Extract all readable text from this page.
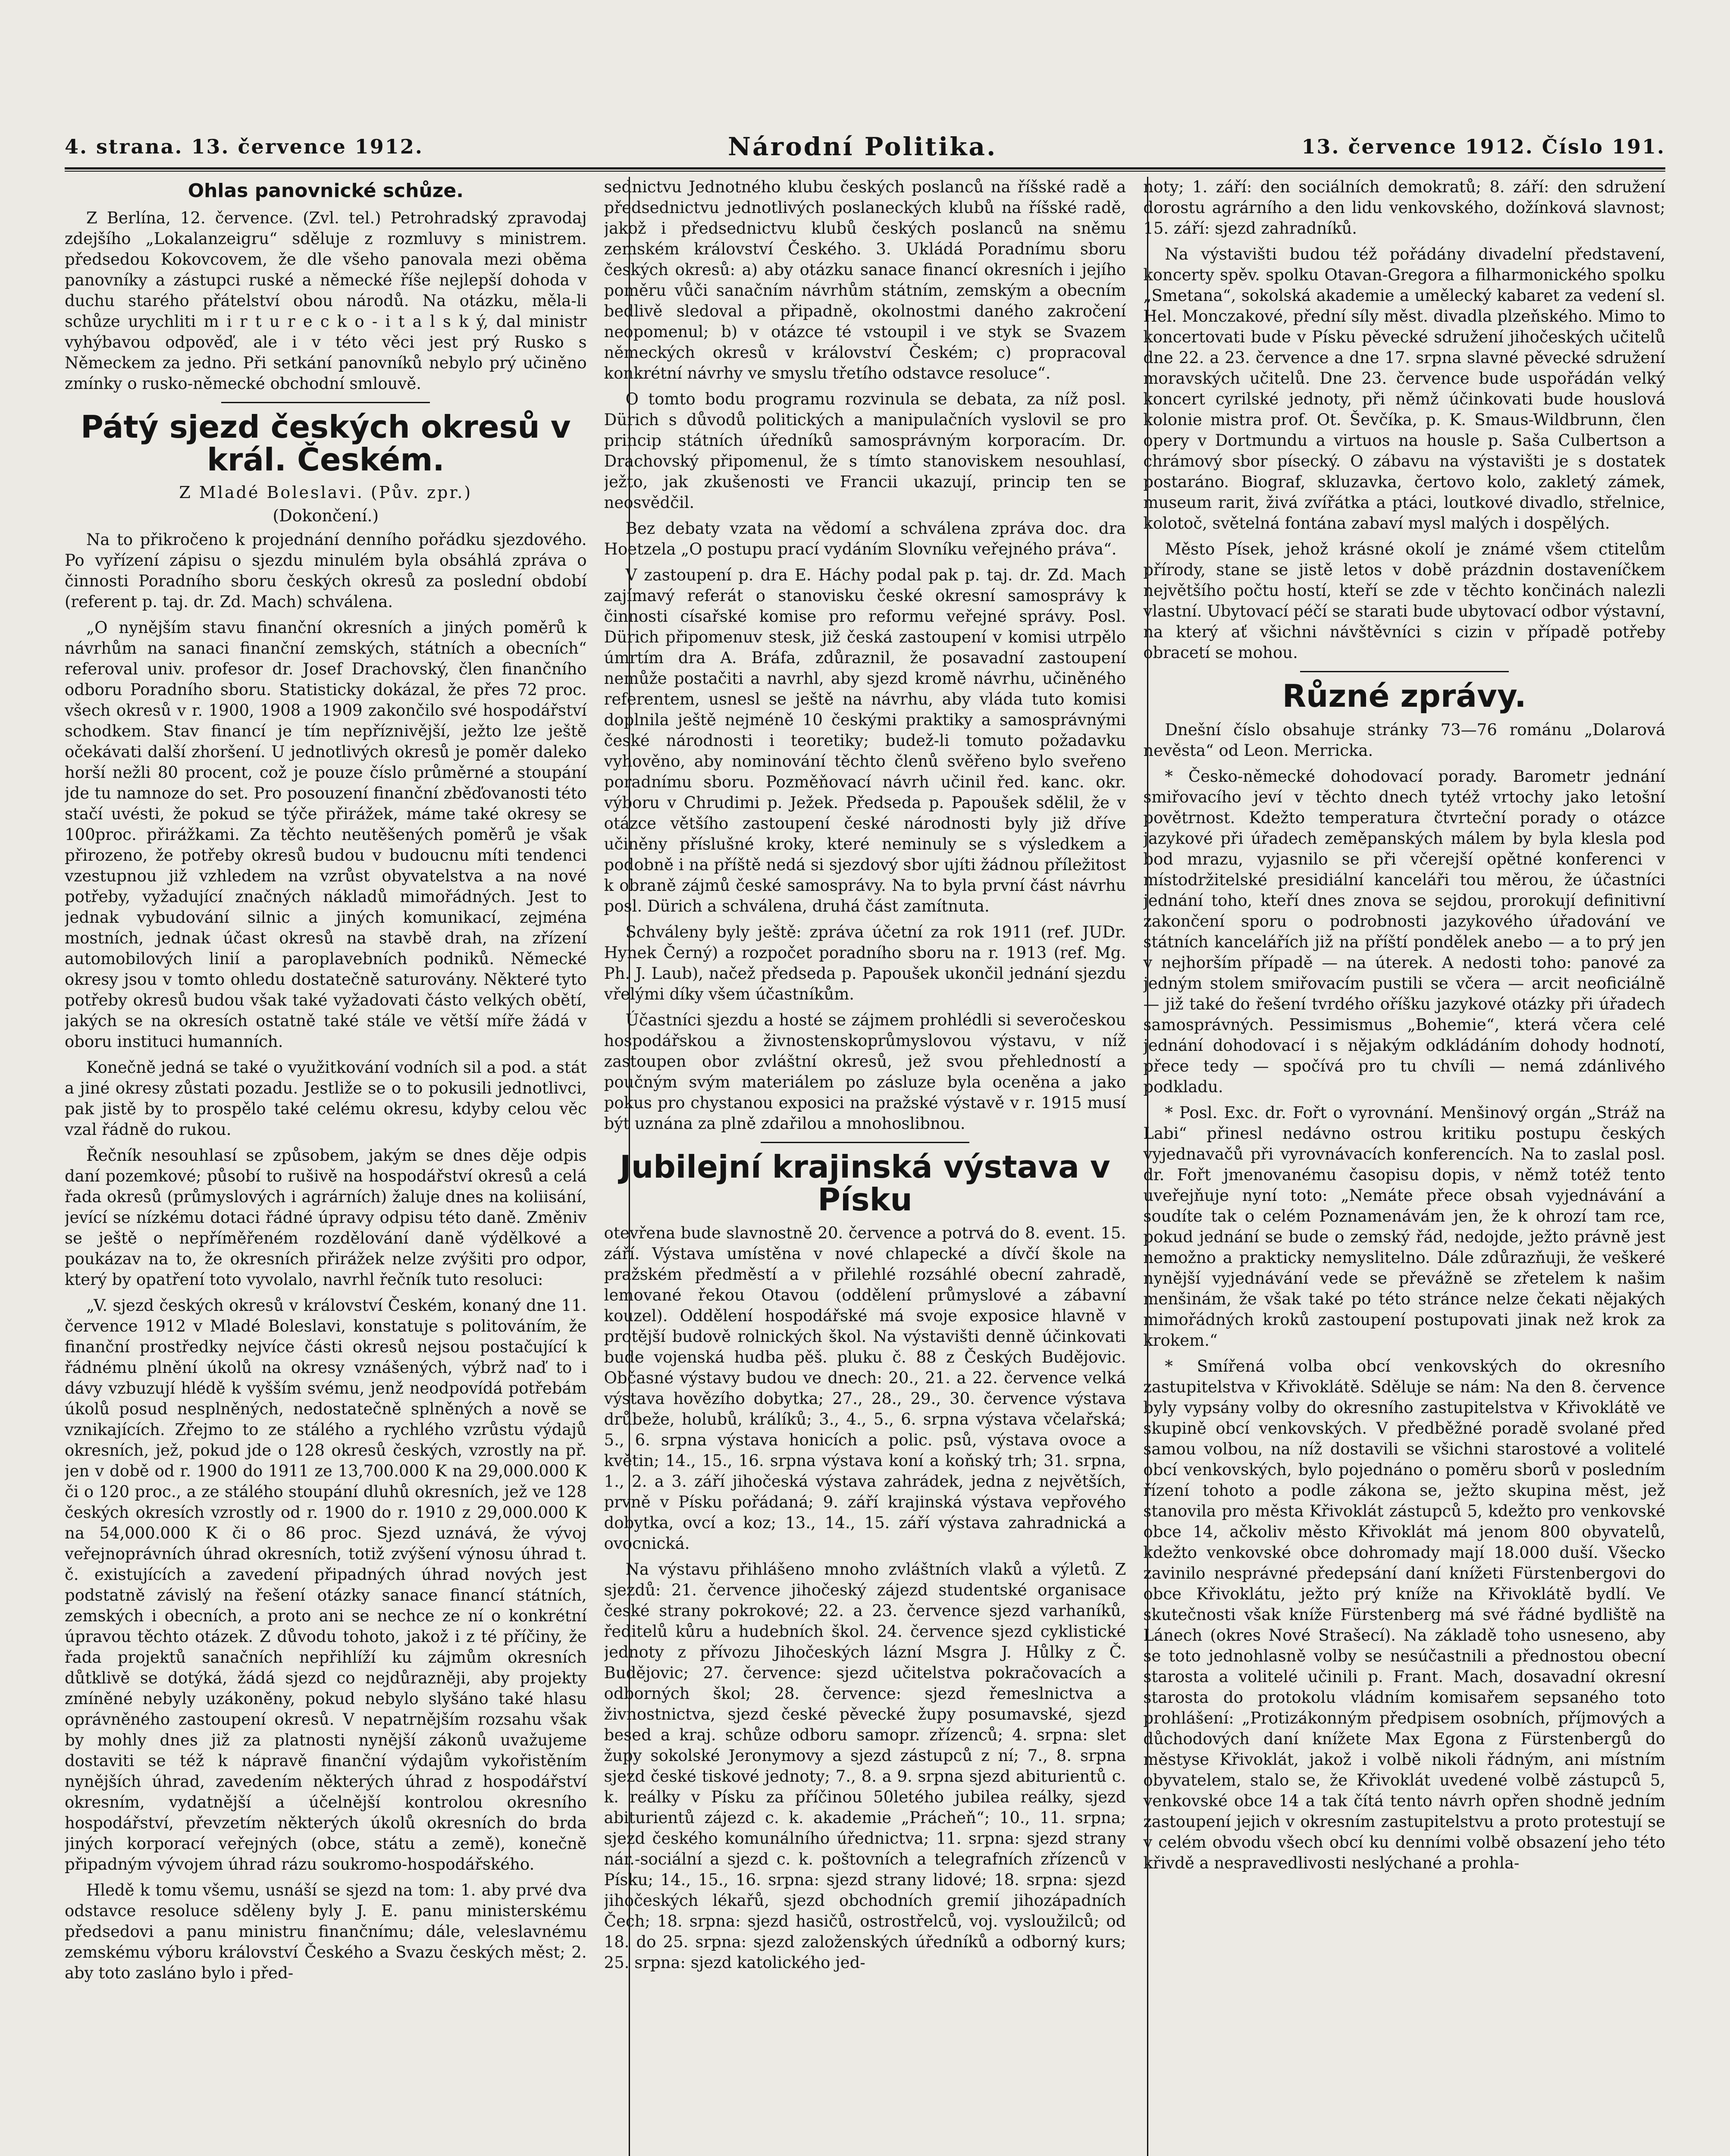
4. strana. 13. července 1912.	Národní Politika.	13. července 1912. Číslo 191.
Ohlas panovnické schůze.

Z Berlína, 12. července. (Zvl. tel.) Petrohradský zpravodaj zdejšího „Lokalanzeigru“ sděluje z rozmluvy s ministrem. předsedou Kokovcovem, že dle všeho panovala mezi oběma panovníky a zástupci ruské a německé říše nejlepší dohoda v duchu starého přátelství obou národů. Na otázku, měla-li schůze urychliti m i r t u r e c k o - i t a l s k ý, dal ministr vyhýbavou odpověď, ale i v této věci jest prý Rusko s Německem za jedno. Při setkání panovníků nebylo prý učiněno zmínky o rusko-německé obchodní smlouvě.

Pátý sjezd českých okresů v král. Českém.
Z Mladé Boleslavi. (Pův. zpr.)
(Dokončení.)

Na to přikročeno k projednání denního pořádku sjezdového. Po vyřízení zápisu o sjezdu minulém byla obsáhlá zpráva o činnosti Poradního sboru českých okresů za poslední období (referent p. taj. dr. Zd. Mach) schválena.

„O nynějším stavu finanční okresních a jiných poměrů k návrhům na sanaci finanční zemských, státních a obecních“ referoval univ. profesor dr. Josef Drachovský, člen finančního odboru Poradního sboru. Statisticky dokázal, že přes 72 proc. všech okresů v r. 1900, 1908 a 1909 zakončilo své hospodářství schodkem. Stav financí je tím nepříznivější, ježto lze ještě očekávati další zhoršení. U jednotlivých okresů je poměr daleko horší nežli 80 procent, což je pouze číslo průměrné a stoupání jde tu namnoze do set. Pro posouzení finanční zběďovanosti této stačí uvésti, že pokud se týče přirážek, máme také okresy se 100proc. přirážkami. Za těchto neutěšených poměrů je však přirozeno, že potřeby okresů budou v budoucnu míti tendenci vzestupnou již vzhledem na vzrůst obyvatelstva a na nové potřeby, vyžadující značných nákladů mimořádných. Jest to jednak vybudování silnic a jiných komunikací, zejména mostních, jednak účast okresů na stavbě drah, na zřízení automobilových linií a paroplavebních podniků. Německé okresy jsou v tomto ohledu dostatečně saturovány. Některé tyto potřeby okresů budou však také vyžadovati částo velkých obětí, jakých se na okresích ostatně také stále ve větší míře žádá v oboru instituci humanních.

Konečně jedná se také o využitkování vodních sil a pod. a stát a jiné okresy zůstati pozadu. Jestliže se o to pokusili jednotlivci, pak jistě by to prospělo také celému okresu, kdyby celou věc vzal řádně do rukou.

Řečník nesouhlasí se způsobem, jakým se dnes děje odpis daní pozemkové; působí to rušivě na hospodářství okresů a celá řada okresů (průmyslových i agrárních) žaluje dnes na koliisání, jevící se nízkému dotaci řádné úpravy odpisu této daně. Změniv se ještě o nepříměřeném rozdělování daně výdělkové a poukázav na to, že okresních přirážek nelze zvýšiti pro odpor, který by opatření toto vyvolalo, navrhl řečník tuto resoluci:

„V. sjezd českých okresů v království Českém, konaný dne 11. července 1912 v Mladé Boleslavi, konstatuje s politováním, že finanční prostředky nejvíce části okresů nejsou postačující k řádnému plnění úkolů na okresy vznášených, výbrž naď to i dávy vzbuzují hlédě k vyšším svému, jenž neodpovídá potřebám úkolů posud nesplněných, nedostatečně splněných a nově se vznikajících. Zřejmo to ze stálého a rychlého vzrůstu výdajů okresních, jež, pokud jde o 128 okresů českých, vzrostly na př. jen v době od r. 1900 do 1911 ze 13,700.000 K na 29,000.000 K či o 120 proc., a ze stálého stoupání dluhů okresních, jež ve 128 českých okresích vzrostly od r. 1900 do r. 1910 z 29,000.000 K na 54,000.000 K či o 86 proc. Sjezd uznává, že vývoj veřejnoprávních úhrad okresních, totiž zvýšení výnosu úhrad t. č. existujících a zavedení připadných úhrad nových jest podstatně závislý na řešení otázky sanace financí státních, zemských i obecních, a proto ani se nechce ze ní o konkrétní úpravou těchto otázek. Z důvodu tohoto, jakož i z té příčiny, že řada projektů sanačních nepřihlíží ku zájmům okresních důtklivě se dotýká, žádá sjezd co nejdůrazněji, aby projekty zmíněné nebyly uzákoněny, pokud nebylo slyšáno také hlasu oprávněného zastoupení okresů. V nepatrnějším rozsahu však by mohly dnes již za platnosti nynější zákonů uvažujeme dostaviti se též k nápravě finanční výdajům vykořistěním nynějších úhrad, zavedením některých úhrad z hospodářství okresním, vydatnější a účelnější kontrolou okresního hospodářství, převzetím některých úkolů okresních do brda jiných korporací veřejných (obce, státu a země), konečně připadným vývojem úhrad rázu soukromo-hospodářského.

Hledě k tomu všemu, usnáší se sjezd na tom: 1. aby prvé dva odstavce resoluce sděleny byly J. E. panu ministerskému předsedovi a panu ministru finančnímu; dále, veleslavnému zemskému výboru království Českého a Svazu českých měst; 2. aby toto zasláno bylo i před-

sednictvu Jednotného klubu českých poslanců na říšské radě a předsednictvu jednotlivých poslaneckých klubů na říšské radě, jakož i předsednictvu klubů českých poslanců na sněmu zemském království Českého. 3. Ukládá Poradnímu sboru českých okresů: a) aby otázku sanace financí okresních i jejího poměru vůči sanačním návrhům státním, zemským a obecním bedlivě sledoval a připadně, okolnostmi daného zakročení neopomenul; b) v otázce té vstoupil i ve styk se Svazem německých okresů v království Českém; c) propracoval konkrétní návrhy ve smyslu třetího odstavce resoluce“.

O tomto bodu programu rozvinula se debata, za níž posl. Dürich s důvodů politických a manipulačních vyslovil se pro princip státních úředníků samosprávným korporacím. Dr. Drachovský připomenul, že s tímto stanoviskem nesouhlasí, ježto, jak zkušenosti ve Francii ukazují, princip ten se neosvědčil.

Bez debaty vzata na vědomí a schválena zpráva doc. dra Hoetzela „O postupu prací vydáním Slovníku veřejného práva“.

V zastoupení p. dra E. Háchy podal pak p. taj. dr. Zd. Mach zajímavý referát o stanovisku české okresní samosprávy k činnosti císařské komise pro reformu veřejné správy. Posl. Dürich připomenuv stesk, již česká zastoupení v komisi utrpělo úmrtím dra A. Bráfa, zdůraznil, že posavadní zastoupení nemůže postačiti a navrhl, aby sjezd kromě návrhu, učiněného referentem, usnesl se ještě na návrhu, aby vláda tuto komisi doplnila ještě nejméně 10 českými praktiky a samosprávnými české národnosti i teoretiky; budež-li tomuto požadavku vyhověno, aby nominování těchto členů svěřeno bylo sveřeno poradnímu sboru. Pozměňovací návrh učinil řed. kanc. okr. výboru v Chrudimi p. Ježek. Předseda p. Papoušek sdělil, že v otázce většího zastoupení české národnosti byly již dříve učiněny příslušné kroky, které neminuly se s výsledkem a podobně i na příště nedá si sjezdový sbor ujíti žádnou příležitost k obraně zájmů české samosprávy. Na to byla první část návrhu posl. Dürich a schválena, druhá část zamítnuta.

Schváleny byly ještě: zpráva účetní za rok 1911 (ref. JUDr. Hynek Černý) a rozpočet poradního sboru na r. 1913 (ref. Mg. Ph. J. Laub), načež předseda p. Papoušek ukončil jednání sjezdu vřelými díky všem účastníkům.

Účastníci sjezdu a hosté se zájmem prohlédli si severočeskou hospodářskou a živnostenskoprůmyslovou výstavu, v níž zastoupen obor zvláštní okresů, jež svou přehledností a poučným svým materiálem po zásluze byla oceněna a jako pokus pro chystanou exposici na pražské výstavě v r. 1915 musí být uznána za plně zdařilou a mnohoslibnou.

Jubilejní krajinská výstava v Písku

otevřena bude slavnostně 20. července a potrvá do 8. event. 15. září. Výstava umístěna v nové chlapecké a dívčí škole na pražském předměstí a v přilehlé rozsáhlé obecní zahradě, lemované řekou Otavou (oddělení průmyslové a zábavní kouzel). Oddělení hospodářské má svoje exposice hlavně v protější budově rolnických škol. Na výstavišti denně účinkovati bude vojenská hudba pěš. pluku č. 88 z Českých Budějovic. Občasné výstavy budou ve dnech: 20., 21. a 22. července velká výstava hovězího dobytka; 27., 28., 29., 30. července výstava drůbeže, holubů, králíků; 3., 4., 5., 6. srpna výstava včelařská; 5., 6. srpna výstava honicích a polic. psů, výstava ovoce a květin; 14., 15., 16. srpna výstava koní a koňský trh; 31. srpna, 1., 2. a 3. září jihočeská výstava zahrádek, jedna z největších, prvně v Písku pořádaná; 9. září krajinská výstava vepřového dobytka, ovcí a koz; 13., 14., 15. září výstava zahradnická a ovocnická.

Na výstavu přihlášeno mnoho zvláštních vlaků a výletů. Z sjezdů: 21. července jihočeský zájezd studentské organisace české strany pokrokové; 22. a 23. července sjezd varhaníků, ředitelů kůru a hudebních škol. 24. července sjezd cyklistické jednoty z přívozu Jihočeských lázní Msgra J. Hůlky z Č. Budějovic; 27. července: sjezd učitelstva pokračovacích a odborných škol; 28. července: sjezd řemeslnictva a živnostnictva, sjezd české pěvecké župy posumavské, sjezd besed a kraj. schůze odboru samopr. zřízenců; 4. srpna: slet župy sokolské Jeronymovy a sjezd zástupců z ní; 7., 8. srpna sjezd české tiskové jednoty; 7., 8. a 9. srpna sjezd abiturientů c. k. reálky v Písku za příčinou 50letého jubilea reálky, sjezd abiturientů zájezd c. k. akademie „Prácheň“; 10., 11. srpna; sjezd českého komunálního úřednictva; 11. srpna: sjezd strany nár.-sociální a sjezd c. k. poštovních a telegrafních zřízenců v Písku; 14., 15., 16. srpna: sjezd strany lidové; 18. srpna: sjezd jihočeských lékařů, sjezd obchodních gremií jihozápadních Čech; 18. srpna: sjezd hasičů, ostrostřelců, voj. vysloužilců; od 18. do 25. srpna: sjezd založenských úředníků a odborný kurs; 25. srpna: sjezd katolického jed-

noty; 1. září: den sociálních demokratů; 8. září: den sdružení dorostu agrárního a den lidu venkovského, dožínková slavnost; 15. září: sjezd zahradníků.

Na výstavišti budou též pořádány divadelní představení, koncerty spěv. spolku Otavan-Gregora a filharmonického spolku „Smetana“, sokolská akademie a umělecký kabaret za vedení sl. Hel. Monczakové, přední síly měst. divadla plzeňského. Mimo to koncertovati bude v Písku pěvecké sdružení jihočeských učitelů dne 22. a 23. července a dne 17. srpna slavné pěvecké sdružení moravských učitelů. Dne 23. července bude uspořádán velký koncert cyrilské jednoty, při němž účinkovati bude houslová kolonie mistra prof. Ot. Ševčíka, p. K. Smaus-Wildbrunn, člen opery v Dortmundu a virtuos na housle p. Saša Culbertson a chrámový sbor písecký. O zábavu na výstavišti je s dostatek postaráno. Biograf, skluzavka, čertovo kolo, zakletý zámek, museum rarit, živá zvířátka a ptáci, loutkové divadlo, střelnice, kolotoč, světelná fontána zabaví mysl malých i dospělých.

Město Písek, jehož krásné okolí je známé všem ctitelům přírody, stane se jistě letos v době prázdnin dostaveníčkem největšího počtu hostí, kteří se zde v těchto končinách nalezli vlastní. Ubytovací péčí se starati bude ubytovací odbor výstavní, na který ať všichni návštěvníci s cizin v případě potřeby obracetí se mohou.

Různé zprávy.

Dnešní číslo obsahuje stránky 73—76 románu „Dolarová nevěsta“ od Leon. Merricka.

* Česko-německé dohodovací porady. Barometr jednání smiřovacího jeví v těchto dnech tytéž vrtochy jako letošní povětrnost. Kdežto temperatura čtvrteční porady o otázce jazykové při úřadech zeměpanských málem by byla klesla pod bod mrazu, vyjasnilo se při včerejší opětné konferenci v místodržitelské presidiální kanceláři tou měrou, že účastníci jednání toho, kteří dnes znova se sejdou, prorokují definitivní zakončení sporu o podrobnosti jazykového úřadování ve státních kancelářích již na příští pondělek anebo — a to prý jen v nejhorším případě — na úterek. A nedosti toho: panové za jedným stolem smiřovacím pustili se včera — arcit neoficiálně — již také do řešení tvrdého oříšku jazykové otázky při úřadech samosprávných. Pessimismus „Bohemie“, která včera celé jednání dohodovací i s nějakým odkládáním dohody hodnotí, přece tedy — spočívá pro tu chvíli — nemá zdánlivého podkladu.

* Posl. Exc. dr. Fořt o vyrovnání. Menšinový orgán „Stráž na Labi“ přinesl nedávno ostrou kritiku postupu českých vyjednavačů při vyrovnávacích konferencích. Na to zaslal posl. dr. Fořt jmenovanému časopisu dopis, v němž totéž tento uveřejňuje nyní toto: „Nemáte přece obsah vyjednávání a soudíte tak o celém Poznamenávám jen, že k ohrozí tam rce, pokud jednání se bude o zemský řád, nedojde, ježto právně jest nemožno a prakticky nemyslitelno. Dále zdůrazňuji, že veškeré nynější vyjednávání vede se převážně se zřetelem k našim menšinám, že však také po této stránce nelze čekati nějakých mimořádných kroků zastoupení postupovati jinak než krok za krokem.“

* Smířená volba obcí venkovských do okresního zastupitelstva v Křivoklátě. Sděluje se nám: Na den 8. července byly vypsány volby do okresního zastupitelstva v Křivoklátě ve skupině obcí venkovských. V předběžné poradě svolané před samou volbou, na níž dostavili se všichni starostové a volitelé obcí venkovských, bylo pojednáno o poměru sborů v posledním řízení tohoto a podle zákona se, ježto skupina měst, jež stanovila pro města Křivoklát zástupců 5, kdežto pro venkovské obce 14, ačkoliv město Křivoklát má jenom 800 obyvatelů, kdežto venkovské obce dohromady mají 18.000 duší. Všecko zavinilo nesprávné předepsání daní knížeti Fürstenbergovi do obce Křivoklátu, ježto prý kníže na Křivoklátě bydlí. Ve skutečnosti však kníže Fürstenberg má své řádné bydliště na Lánech (okres Nové Strašecí). Na základě toho usneseno, aby se toto jednohlasně volby se nesúčastnili a přednostou obecní starosta a volitelé učinili p. Frant. Mach, dosavadní okresní starosta do protokolu vládním komisařem sepsaného toto prohlášení: „Protizákonným předpisem osobních, příjmových a důchodových daní knížete Max Egona z Fürstenbergů do městyse Křivoklát, jakož i volbě nikoli řádným, ani místním obyvatelem, stalo se, že Křivoklát uvedené volbě zástupců 5, venkovské obce 14 a tak čítá tento návrh opřen shodně jedním zastoupení jejich v okresním zastupitelstvu a proto protestují se v celém obvodu všech obcí ku denními volbě obsazení jeho této křivdě a nespravedlivosti neslýchané a prohla-
